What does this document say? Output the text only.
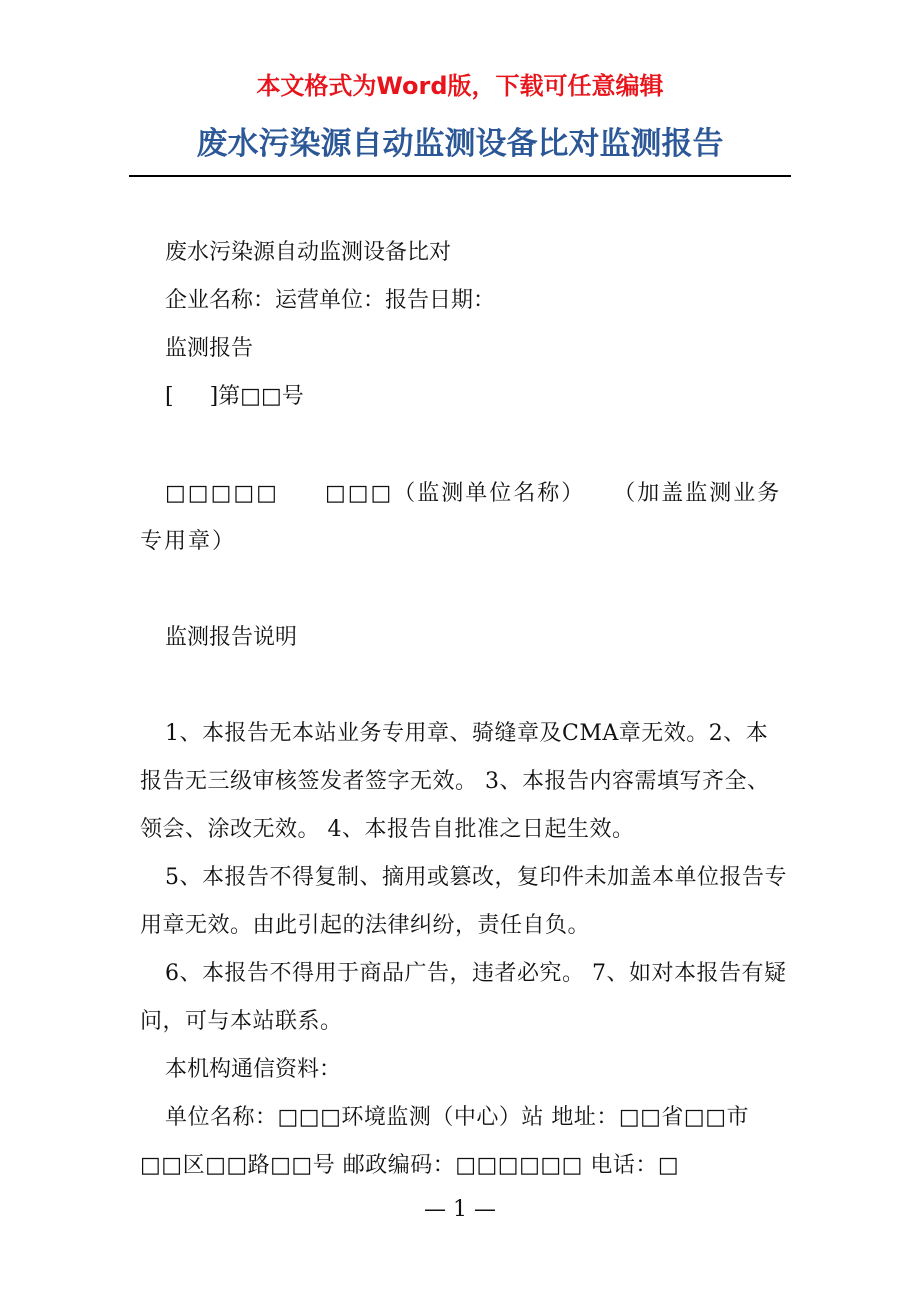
本文格式为Word版，下载可任意编辑

废水污染源自动监测设备比对监测报告

废水污染源自动监测设备比对

企业名称：运营单位：报告日期：

监测报告

[ ]第□□号

□□□□□ □□□（监测单位名称） （加盖监测业务专用章）

监测报告说明

1、本报告无本站业务专用章、骑缝章及CMA章无效。2、本报告无三级审核签发者签字无效。 3、本报告内容需填写齐全、领会、涂改无效。 4、本报告自批准之日起生效。

5、本报告不得复制、摘用或篡改，复印件未加盖本单位报告专用章无效。由此引起的法律纠纷，责任自负。

6、本报告不得用于商品广告，违者必究。 7、如对本报告有疑问，可与本站联系。

本机构通信资料：

单位名称：□□□环境监测（中心）站 地址：□□省□□市□□区□□路□□号 邮政编码：□□□□□□ 电话：□

— 1 —
